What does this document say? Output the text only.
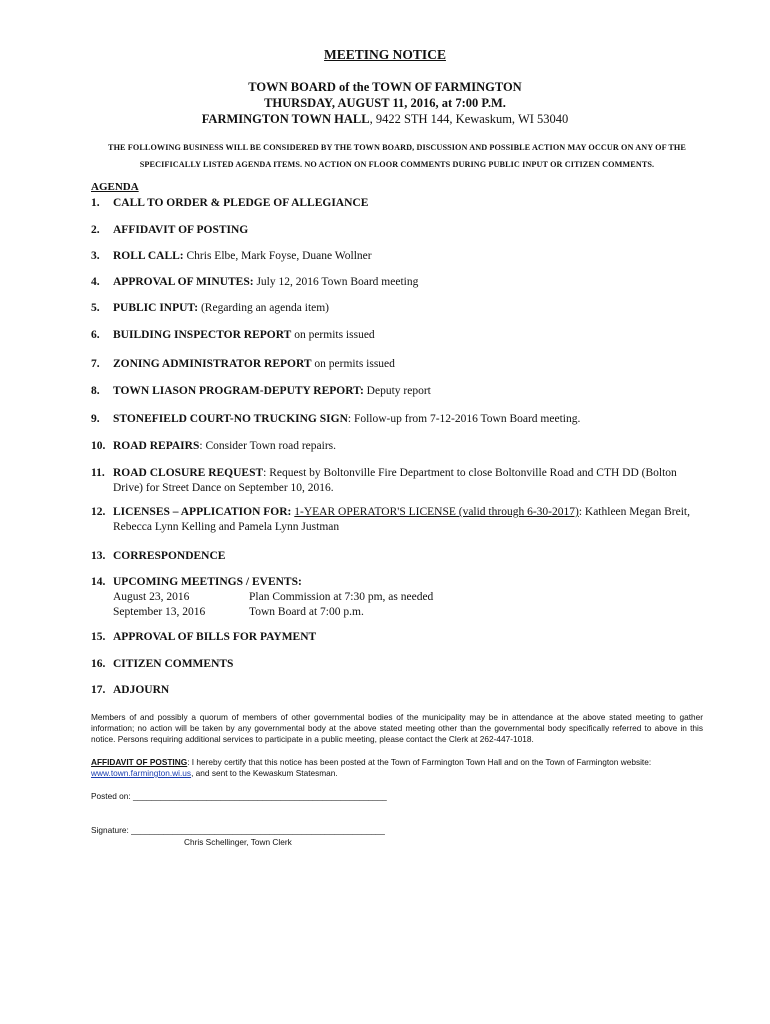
MEETING NOTICE
TOWN BOARD of the TOWN OF FARMINGTON
THURSDAY, AUGUST 11, 2016, at 7:00 P.M.
FARMINGTON TOWN HALL, 9422 STH 144, Kewaskum, WI 53040
THE FOLLOWING BUSINESS WILL BE CONSIDERED BY THE TOWN BOARD, DISCUSSION AND POSSIBLE ACTION MAY OCCUR ON ANY OF THE SPECIFICALLY LISTED AGENDA ITEMS. NO ACTION ON FLOOR COMMENTS DURING PUBLIC INPUT OR CITIZEN COMMENTS.
AGENDA
1.	CALL TO ORDER & PLEDGE OF ALLEGIANCE
2.	AFFIDAVIT OF POSTING
3.	ROLL CALL: Chris Elbe, Mark Foyse, Duane Wollner
4.	APPROVAL OF MINUTES: July 12, 2016 Town Board meeting
5.	PUBLIC INPUT: (Regarding an agenda item)
6.	BUILDING INSPECTOR REPORT on permits issued
7.	ZONING ADMINISTRATOR REPORT on permits issued
8.	TOWN LIASON PROGRAM-DEPUTY REPORT: Deputy report
9.	STONEFIELD COURT-NO TRUCKING SIGN: Follow-up from 7-12-2016 Town Board meeting.
10. ROAD REPAIRS: Consider Town road repairs.
11. ROAD CLOSURE REQUEST: Request by Boltonville Fire Department to close Boltonville Road and CTH DD (Bolton Drive) for Street Dance on September 10, 2016.
12. LICENSES – APPLICATION FOR: 1-YEAR OPERATOR'S LICENSE (valid through 6-30-2017): Kathleen Megan Breit, Rebecca Lynn Kelling and Pamela Lynn Justman
13. CORRESPONDENCE
14. UPCOMING MEETINGS / EVENTS:
August 23, 2016	Plan Commission at 7:30 pm, as needed
September 13, 2016	Town Board at 7:00 p.m.
15. APPROVAL OF BILLS FOR PAYMENT
16. CITIZEN COMMENTS
17. ADJOURN
Members of and possibly a quorum of members of other governmental bodies of the municipality may be in attendance at the above stated meeting to gather information; no action will be taken by any governmental body at the above stated meeting other than the governmental body specifically referred to above in this notice. Persons requiring additional services to participate in a public meeting, please contact the Clerk at 262-447-1018.
AFFIDAVIT OF POSTING: I hereby certify that this notice has been posted at the Town of Farmington Town Hall and on the Town of Farmington website: www.town.farmington.wi.us, and sent to the Kewaskum Statesman.
Posted on: _______________________________________________________
Signature: _______________________________________________________
Chris Schellinger, Town Clerk
